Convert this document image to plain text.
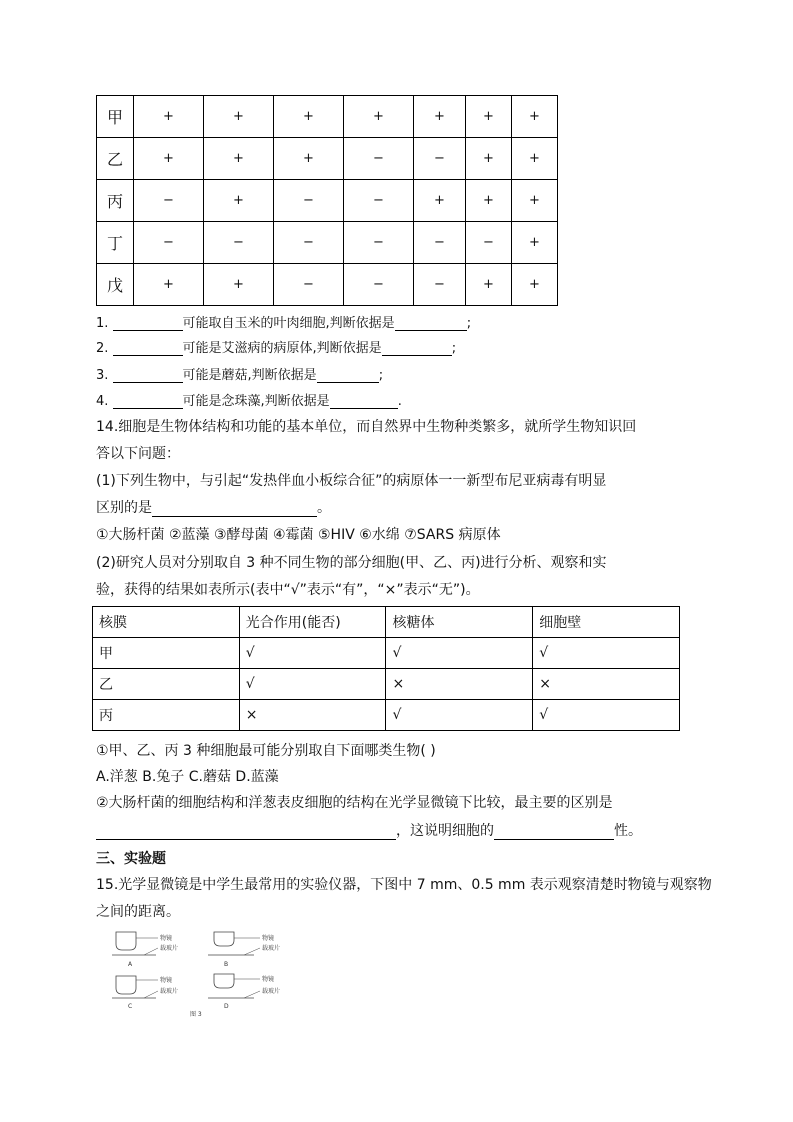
甲	+	+	+	+	+	+	+
乙	+	+	+	−	−	+	+
丙	−	+	−	−	+	+	+
丁	−	−	−	−	−	−	+
戊	+	+	−	−	−	+	+
1.	可能取自玉米的叶肉细胞,判断依据是	;
2.	可能是艾滋病的病原体,判断依据是	;
3.	可能是蘑菇,判断依据是	;
4.	可能是念珠藻,判断依据是	.
14.细胞是生物体结构和功能的基本单位，而自然界中生物种类繁多，就所学生物知识回
答以下问题：
(1)下列生物中，与引起“发热伴血小板综合征”的病原体一一新型布尼亚病毒有明显
区别的是	。
①大肠杆菌 ②蓝藻 ③酵母菌 ④霉菌 ⑤HIV ⑥水绵 ⑦SARS 病原体
(2)研究人员对分别取自 3 种不同生物的部分细胞(甲、乙、丙)进行分析、观察和实
验，获得的结果如表所示(表中“√”表示“有”，“×”表示“无”)。
核膜	光合作用(能否)	核糖体	细胞壁
甲	√	√	√
乙	√	×	×
丙	×	√	√
①甲、乙、丙 3 种细胞最可能分别取自下面哪类生物( )
A.洋葱 B.兔子 C.蘑菇 D.蓝藻
②大肠杆菌的细胞结构和洋葱表皮细胞的结构在光学显微镜下比较，最主要的区别是
，这说明细胞的	性。
三、实验题
15.光学显微镜是中学生最常用的实验仪器，下图中 7 mm、0.5 mm 表示观察清楚时物镜与观察物
之间的距离。
物镜
载玻片
A
物镜
载玻片
B
物镜
载玻片
C
物镜
载玻片
D
图 3
